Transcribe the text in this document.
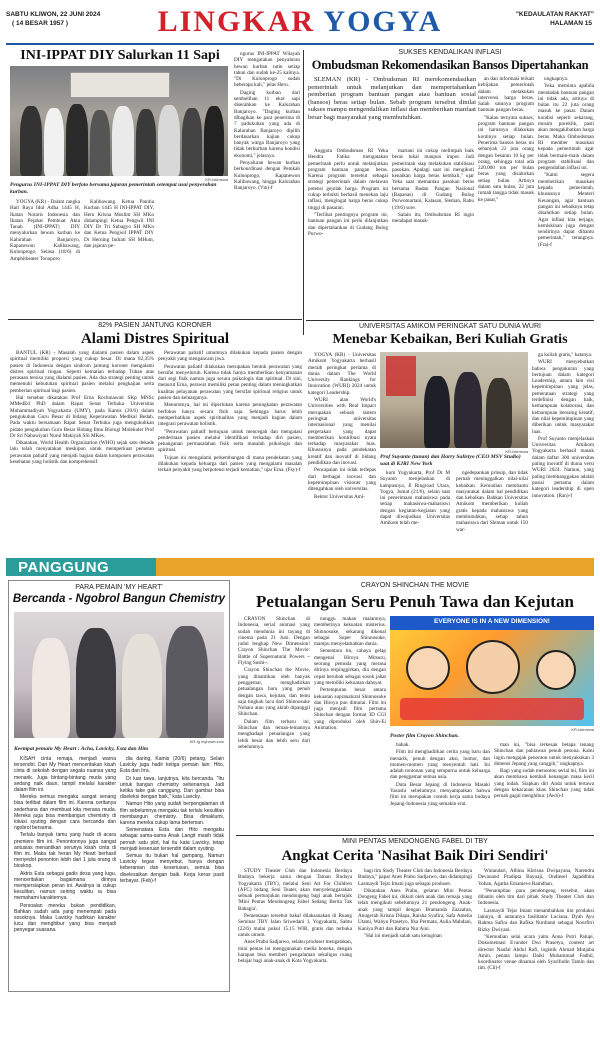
SABTU KLIWON, 22 JUNI 2024
( 14 BESAR 1957 )	LINGKAR YOGYA	"KEDAULATAN RAKYAT"
HALAMAN 15
INI-IPPAT DIY Salurkan 11 Sapi
KR-Istimewa
Pengurus INI-IPPAT DIY berfoto bersama jajaran pemerintah setempat usai penyerahan kurban.

YOGYA (KR) - Dalam rangka Hari Raya Idul Adha 1445 H, Ikatan Notaris Indonesia dan Ikatan Pejabat Pembuat Akta Tanah (INI-IPPAT) DIY menyalurkan hewan kurban ke Kalurahan Banjaroyo, Kapanewon Kalibawang, Kulonprogo, Selasa (18/6) di Amphitheater Tonoporo

Kalibawang. Ketua Panitia Kurban 1445 H INI-IPPAT DIY, Heru Krisna Muslim SH MKn didampingi Ketua Pengwil INI DIY Dr Tri Subagyo SH MKn dan Ketua Pengwil IPPAT DIY Dr Herning Indrati SH MHum, dan jajaran pe-

ngurus INI-IPPAT Wilayah DIY mengatakan penyaluran hewan kurban rutin setiap tahun dan sudah ke-25 kalinya. "Di Kulonprogo sudah beberapa kali," jelas Heru.

Daging kurban dari sembelihan 11 ekor sapi diserahkan ke Kalurahan Banjaroyo. "Daging kurban dibagikan ke para penerima di 7 padukuhan yang ada di Kalurahan Banjaroyo dipilih berdasarkan kajian cukup banyak warga Banjaroyo yang tidak berkurban karena kondisi ekonomi," jelasnya.

Penyaluran hewan kurban berkoordinasi dengan Pemkab Kulonprogo, Kapanewon Kalibawang, hingga Kalurahan Banjaroyo. (Vin)-f

82% PASIEN JANTUNG KORONER
Alami Distres Spiritual

BANTUL (KR) - Masalah yang dialami pasien dalam aspek spiritual memiliki proporsi yang cukup besar. Di mana 82,35% pasien di Indonesia dengan sindrom jantung koroner mengalami distres spiritual ringan. Seperti kematian terhadap Tuhan atas perasaan tersisa yang dialami pasien. Ada dua strategi penting untuk memenuhi kebutuhan spiritual pasien melalui pengkajian serta pemberian spiritual bagi pasien.

Hal tersebut dikatakan Prof Erna Rochmawati SKp MNSc MMedEd PhD dalam Rapat Senat Terbuka Universitas Muhammadiyah Yogyakarta (UMY), pada Kamis (20/6) dalam pengukuhan Guru Besar di bidang Keperawatan Medikal Bedah. Pada waktu bersamaan Rapat Senat Terbuka juga mengukuhkan pidato pengukuhan Guru Besar Bidang Ilmu Biologi Molekuler Prof Dr Sri Nabawiyati Nurul Makiyah SSi MKes.

Dikatakan, World Health Organization (WHO) sejak satu dekade lalu telah menyatakan meskipun untuk memperkuat pemeran perawatan paliatif yang menjadi bagian dalam komponen perawatan kesehatan yang holistik dan komprehensif.

Perawatan paliatif umumnya dilakukan kepada pasien dengan penyakit yang mengancam jiwa.

Perawatan paliatif dilakukan merupakan bentuk perawatan yang bersifat menyeluruh. Karena tidak hanya memberikan kenyamanan dari segi fisik namun juga secara psikologis dan spiritual. Di sini, menurut Erna, perawat memiliki peran penting dalam meningkatkan kualitas pelayanan perawatan yang bersifat spiritual religius untuk pasien dan keluarganya.

Menurutnya, hal ini diperlukan karena peningkatan perawatan berfokus hanya secara fisik saja. Sehingga harus lebih memperhatikan aspek spiritualitas yang menjadi bagian dalam integrasi perawatan holistik.

"Perawatan paliatif bertujuan untuk mencegah dan mengatasi penderitaan pasien melalui identifikasi terhadap diri pasien, penanganan permasalahan fisik serta masalah psikologis dan spiritual.

Tujuan ini mengalami perkembangan di mana pendekatan yang dilakukan kepada keluarga dari pasien yang mengalami masalah terkait penyakit yang berpotensi terjadi kematian," ujar Erna. (Fsy)-f

SUKSES KENDALIKAN INFLASI
Ombudsman Rekomendasikan Bansos Dipertahankan

SLEMAN (KR) - Ombudsman RI merekomendasikan pemerintah untuk melanjutkan dan mempertahankan pemberian program bantuan pangan atau bantuan sosial (bansos) beras setiap bulan. Sebab program tersebut dinilai sukses mampu mengendalikan inflasi dan memberikan manfaat besar bagi masyarakat yang membutuhkan.

Anggota Ombudsman RI Yeka Hendra Fatika mengatakan pemerintah perlu untuk melanjutkan program bantuan pangan beras. Karena program tersebut sebagai strategi pemerintah dalam melawan potensi gejolak harga. Program ini cukup terbukti berhasil menekan laju inflasi, mengingat harga beras cukup tinggi di pasaran.

"Terlihat pentingnya program ini, bantuan pangan ini perlu dilanjutkan dan dipertahankan di Gudang Bulog Purwo-

martani ini cukup melimpah baik beras lokal maupun impor. Jadi pemerintah siap melakukan stabilisasi pasokan. Apalagi saat ini mengikuti kenaikan harga beras kembali," ujar Yeka saat memantau pasokan beras bersama Badan Pangan Nasional (Bapanas) di Gudang Bulog Purwomartani, Kalasan, Sleman, Rabu (19/6) sore.

Salain itu, Ombudsman RI ingin mendapat masuk-

an dan informasi terkait kebijakan pemerintah dalam melakukan intervensi harga beras. Salah satunya program bantuan pangan beras.

"Kalau ternyata sukses, program bantuan pangan ini harusnya dilakukan kontinyu setiap bulan. Penerima bansos beras ini sebanyak 22 juta orang dengan besaran 10 kg per orang, sehingga total ada 220.000 ton per bulan beras yang disalurkan setiap bulan. Artinya dalam satu bulan, 22 juta rumah tangga tidak masuk ke pasar,"

ungkapnya.

Yeka meminta apabila mendadak bantuan pangan ini tidak ada, artinya di bulan itu 22 juta orang masuk ke pasar. Dalam kondisi seperti sekarang, musim paceklik, pasti akan mengakibatkan harga beras. Maka Ombudsman RI member masukan kepada pemerintah agar tidak bermain-main dalam program stabilisasi dan pengendalian inflasi ini.

"Kami segera memberikan masukan kepada pemerintah, khususnya Menteri Keuangan, agar bantuan pangan ini sebaiknya tetap disalurkan setiap bulan. Agar inflasi kita terjaga, kemiskinan juga dengan sendirinya dapat dibantu pemerintah," terangnya. (Fra)-f

UNIVERSITAS AMIKOM PERINGKAT SATU DUNIA WURI
Menebar Kebaikan, Beri Kuliah Gratis

YOGYA (KR) - Universitas Amikom Yogyakarta berhasil meraih peringkat pertama di dunia dalam The World University Rankings for Innovation (WURI) 2024 untuk kategori Leadership.

WURI atau World's Universities with Real Impact merupakan sebuah sistem peringkat universitas internasional yang menilai pergerakan yang dapat memberikan kontribusi nyata terhadap masyarakat luas. Khususnya pada pendekatan kreatif dan inovatif di bidang pendidikan dan inovasi.

Pencapaian ini tidak terlepas dari berbagai inovasi dan kepemimpinan visioner yang ditengahkan oleh universitas.

Rektor Universitas Ami-

KR-Istimewa
Prof Suyanto (tunan) dan Harry Sulistyo (CEO MSV Studio) saat di KJRI New York

kom Yogyakarta, Prof Dr M Suyanto menjelaskan di kampusnya, Jl Ringroad Utara, Yogya, Jumat (21/6), selain saat ini penerimaan mahasiswa pada setiap mahasiswa-mahasiswi dengan kegiatan-kegiatan yang dapat diwujudkan Universitas Amikom telah me-

ngedepankan prinsip, dan tidak pernah meninggalkan nilai-nilai kebaikan. Kemudian membantu masyarakat dalam hal pendidikan dan kebaikan. Bahkan Universitas Amikom memberikan kuliah gratis kepada mahasiswa yang membutuhkan, setiap tahun mahasiswa dari Sleman untuk 150 war-

ga kuliah gratis," katanya.

WURI menyebutkan bahwa pengukuran yang bertujuan dalam kategori Leadership, antara lain visi kepemimpinan yang jelas, pemerataan strategi yang terdefinisi dengan baik, kemampuan kolaborasi, dan kemampuan bersaing kreatif, dan nilai kepemimpinan yang diberikan untuk masyarakat luas.

Prof Suyanto menjelaskan Universitas Amikom Yogyakarta berhasil masuk dalam daftar 300 universitas paling inovatif di dunia versi WURI 2024. Namun, yang paling membanggakan adalah posisi pertama dalam kategori leadership di open innovation. (Ran)-f

PANGGUNG
PARA PEMAIN 'MY HEART'
Bercanda - Ngobrol Bangun Chemistry
KR-Ig myheart.solo
Keempat pemain My Heart : Acha, Lavicky, Esta dan Hito

KISAH cinta remaja, menjadi warna tersendiri. Dan My Heart menceritakan kisah cinta di sekolah dengan segala nuansa yang menarik. Juga bintang-bintang muda yang sedang naik daun, tampil melalui karakter dalam film ini.

Mereka semua mengaku sangat senang bisa terlibat dalam film ini. Karena ceritanya sederhana dan membuat kita merasa muda. Mereka juga bisa membangun chemistry di lokasi syuting dengan cara bercanda dan ngobrol bersama.

Terlalu banyak tamu yang hadir di acara premiere film ini. Penontonnya juga sangat antusias menantikan serunya kisah cinta di film ini. Maka tak heran My Heart berhasil menyedot penonton lebih dari 1 juta orang di bioskop.

Aktris Esta sebagai gadis desa yang lugu, menceritakan bagaimana dirinya mempersiapkan peran ini. Awalnya ia cukup kesulitan, namun seiring waktu ia bisa memahami karakternya.

Persoalan mereka bukan pendidikan, Bahkan sudah ada yang menempati pada sosoknya. Maka Lavicky hadirkan karakter lucu dan menghibur yang bisa menjadi penyegar suasana.

dia daring, Kamis (20/6) petang. Selain Lavicky juga hadir ketiga pemain lain: Hito, Esta dan Irra.

Di luar tawa, lanjutnya, kita bercanda. "Itu untuk bangun chemistry sebenarnya. Jadi ketika take gak canggung. Dan gambar bisa diseleksi dengan baik," kata Lavicky.

Namun Hito yang sudah berpengalaman di film sebelumnya mengaku tak terlalu kesulitan membangun chemistry. Bisa dimaklumi, karena mereka cukup lama berteman.

Semenatara Esta dan Hito mengaku sebagai sama-sama Anak Langit masih tidak pernah satu plot, hal itu kata Lavicky, tetap menjadi keseruan tersendiri dalam syuting.

Semua itu bukan hal gampang. Namun Lavicky tegas menyebut, hanya dengan keberanian dan keseriusan, semua bisa diselesaikan dengan baik. Kerja keras pasti terbayar. (Feb)-f

CRAYON SHINCHAN THE MOVIE
Petualangan Seru Penuh Tawa dan Kejutan

CRAYON Shinchan di Indonesia, serial animasi yang sudah mendunia ini tayang di cinema pada 21 Juni. Dengan judul lengkap New Dimension! Crayon Shinchan The Movie: Battle of Supernatural Powers ~ Flying Sushi~.

Crayon Shinchan the Movie, yang dinantikan oleh banyak penggemar, menghadirkan petualangan baru yang penuh dengan tawa, kejutan, dan tentu saja tingkah lucu dari Shinnosuke Nohara atau yang akrab dipanggil Shinchan.

Dalam film terbaru ini, Shinchan dan teman-temannya menghadapi petualangan yang lebih besar dan lebih seru dari sebelumnya.

nunggu makan malamnya, memberinya kekuatan misterius. Shinnosuke, sekarang dikenal sebagai Super Shinnosuke, mampu menyelamatkan dunia.

Sementara itu, cahaya gelap mengenai Hiroya Mitsuru, seorang pemuda yang merasa dirinya terpinggirkan, dia dengan cepat berubah sebagai sosok jahat yang memiliki kekuatan dahsyat.

Pertempuran besar antara kekuatan supranatural Shinnosuke dan Hiroya pun dimulai. Film ini juga menjadi film pertama Shinchan dengan format 3D CGI yang diproduksi oleh Shin-Ei Animation.

EVERYONE IS IN A NEW DIMENSION!
KR-Istimewa
Poster film Crayon Shinchan.

bahak.

Film ini menghadirkan cerita yang baru dan menarik, penuh dengan aksi, humor, dan momen-momen yang menyentuh hati. Ini adalah tontonan yang sempurna untuk keluarga dan penggemar semua usia.

Duta Besar Jepang di Indonesia Masaki Yasushi sebelumnya menyampaikan bahwa film ini merupakan contoh kerja sama budaya Jepang-Indonesia yang semakin erat.

man ini, "bisa terkesan betapa tenang Shinchan dan pahlawan penuh pesona. Kami ingin mengajak penonton untuk menyaksikan 3 dimensi Jepang yang canggih," ungkapnya.

Bagi yang sudah menonton serial ini, film ini akan membawa kembali kenangan masa kecil yang indah. Siapkan diri Anda untuk tertawa dengan kekacauan khas Shinchan yang tidak pernah gagal menghibur. (Awh)-f

MINI PENTAS MENDONGENG FABEL DI TBY
Angkat Cerita 'Nasihat Baik Diri Sendiri'

STUDY Theater Club dan Indonesia Berdaya Budaya bekerja sama dengan Taman Budaya Yogyakarta (TBY), melalui Seni Art For Children (AFC) bidang Seni Teater, akan menyelenggarakan sebuah pertunjukan mendongeng bagi anak bertajuk 'Mini Pentas Mendongeng Fabel Sedang Berita Tak Bahagia'.

Pementasan tersebut bakal dilaksanakan di Ruang Seminar TBY Jalan Sriwedani 1, Yogyakarta, Sabtu (22/6) mulai pukul 15.15 WIB, gratis dan terbuka untuk umum.

Anes Prabu Sadjarwo, selaku produser mengatakan, mini pentas ini menggunakan media boneka, dengan harapan bisa memberi pengalaman sekaligus ruang belajar bagi anak-anak di Kota Yogyakarta.

bagi tim Study Theater Club dan Indonesia Berdaya Budaya," papar Anes Prabu Sadjarwo, dan didampingi Lasmaydi Tejar Imani juga sebagai produser.

Dikatakan Anes Prabu, gelaran Mini Pentas Dongeng Fabel ini, diikuti oleh anak dan remaja yang telah mengikuti sebelumnya 21 pendongeng. Anak-anak yang tampil dengan Bramanda Zazzahra, Anugerah Krisna Dilapa, Raisha Syafira, Safa Amelia Utami, Wahyu Prasetyo, Ifsa Permata, Aulia Mahdani, Kaniya Putri dan Rahma Nur Aini.

"Hal ini menjadi salah satu keinginan

Wulandari, Albina Khrisna Dwipayana, Narendra Devanand Pradipta Bayuaji, Ondiesel Jagaddhita Yohan, Agatha Emanieve Ramdhan.

"Penampilan para pendongeng tersebut, akan dibantu oleh tim dari pihak Study Theater Club dan Indonesia.

Lasmaydi Tejar Imani menambahkan tim produksi lainnya, di antaranya fasilitator Luciana, Dyah Ayu Rahma Safira dan Rafika Nurdianti sebagai Noorfitri Rizky Dwiyani.

"Kemudian selai acara yaitu Anna Putri Palupi, Dokumentasi Evander Dwi Prasetya, content art director Naufal Abdul Rafi, logistik Ahmad Mutjaba Amin, penata lampu Daiki Muhammad Fadhil, koordinator venue dinamai oleh Syarifudin Tamin dan tim. (Cil)-f
